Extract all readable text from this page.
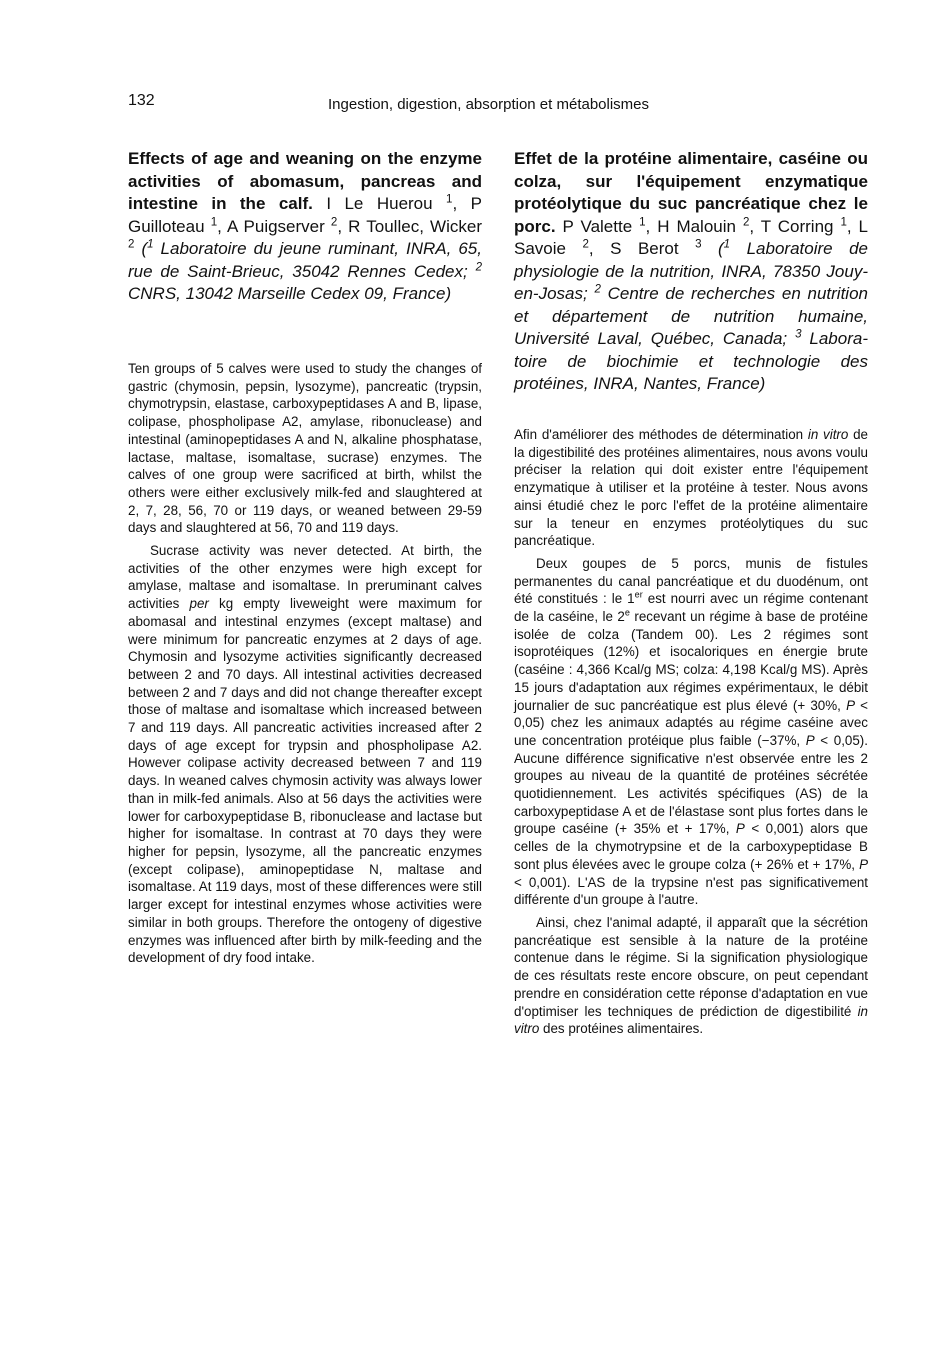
132	Ingestion, digestion, absorption et métabolismes

Effects of age and weaning on the enzyme activities of abomasum, pancreas and intestine in the calf. I Le Huerou $^1$, P Guilloteau $^1$, A Puigserver $^2$, R Toullec, Wicker $^2$ ($^1$ Laboratoire du jeune ruminant, INRA, 65, rue de Saint-Brieuc, 35042 Rennes Cedex; $^2$ CNRS, 13042 Marseille Cedex 09, France)

Ten groups of 5 calves were used to study the changes of gastric (chymosin, pepsin, lysozyme), pancreatic (trypsin, chymotrypsin, elastase, carboxypeptidases A and B, lipase, colipase, phospholipase A2, amylase, ribonuclease) and intestinal (aminopeptidases A and N, alkaline phosphatase, lactase, maltase, isomaltase, sucrase) enzymes. The calves of one group were sacrificed at birth, whilst the others were either exclusively milk-fed and slaughtered at 2, 7, 28, 56, 70 or 119 days, or weaned between 29-59 days and slaughtered at 56, 70 and 119 days.

Sucrase activity was never detected. At birth, the activities of the other enzymes were high except for amylase, maltase and isomaltase. In preruminant calves activities per kg empty liveweight were maximum for abomasal and intestinal enzymes (except maltase) and were minimum for pancreatic enzymes at 2 days of age. Chymosin and lysozyme activities significantly decreased between 2 and 70 days. All intestinal activities decreased between 2 and 7 days and did not change thereafter except those of maltase and isomaltase which increased between 7 and 119 days. All pancreatic activities increased after 2 days of age except for trypsin and phospholipase A2. However colipase activity decreased between 7 and 119 days. In weaned calves chymosin activity was always lower than in milk-fed animals. Also at 56 days the activities were lower for carboxypeptidase B, ribonuclease and lactase but higher for isomaltase. In contrast at 70 days they were higher for pepsin, lysozyme, all the pancreatic enzymes (except colipase), aminopeptidase N, maltase and isomaltase. At 119 days, most of these differences were still larger except for intestinal enzymes whose activities were similar in both groups. Therefore the ontogeny of digestive enzymes was influenced after birth by milk-feeding and the development of dry food intake.

Effet de la protéine alimentaire, caséine ou colza, sur l'équipement enzymatique protéolytique du suc pancréatique chez le porc. P Valette $^1$, H Malouin $^2$, T Corring $^1$, L Savoie $^2$, S Berot $^3$ ($^1$ Laboratoire de physiologie de la nutrition, INRA, 78350 Jouy-en-Josas; $^2$ Centre de recherches en nutrition et département de nutrition humaine, Université Laval, Québec, Canada; $^3$ Labora-toire de biochimie et technologie des protéines, INRA, Nantes, France)

Afin d'améliorer des méthodes de détermination in vitro de la digestibilité des protéines alimentaires, nous avons voulu préciser la relation qui doit exister entre l'équipement enzymatique à utiliser et la protéine à tester. Nous avons ainsi étudié chez le porc l'effet de la protéine alimentaire sur la teneur en enzymes protéolytiques du suc pancréatique.

Deux goupes de 5 porcs, munis de fistules permanentes du canal pancréatique et du duodénum, ont été constitués : le 1er est nourri avec un régime contenant de la caséine, le 2e recevant un régime à base de protéine isolée de colza (Tandem 00). Les 2 régimes sont isoprotéiques (12%) et isocaloriques en énergie brute (caséine : 4,366 Kcal/g MS; colza: 4,198 Kcal/g MS). Après 15 jours d'adaptation aux régimes expérimentaux, le débit journalier de suc pancréatique est plus élevé (+ 30%, P < 0,05) chez les animaux adaptés au régime caséine avec une concentration protéique plus faible (−37%, P < 0,05). Aucune différence significative n'est observée entre les 2 groupes au niveau de la quantité de protéines sécrétée quotidiennement. Les activités spécifiques (AS) de la carboxypeptidase A et de l'élastase sont plus fortes dans le groupe caséine (+ 35% et + 17%, P < 0,001) alors que celles de la chymotrypsine et de la carboxypeptidase B sont plus élevées avec le groupe colza (+ 26% et + 17%, P < 0,001). L'AS de la trypsine n'est pas significativement différente d'un groupe à l'autre.

Ainsi, chez l'animal adapté, il apparaît que la sécrétion pancréatique est sensible à la nature de la protéine contenue dans le régime. Si la signification physiologique de ces résultats reste encore obscure, on peut cependant prendre en considération cette réponse d'adaptation en vue d'optimiser les techniques de prédiction de digestibilité in vitro des protéines alimentaires.
